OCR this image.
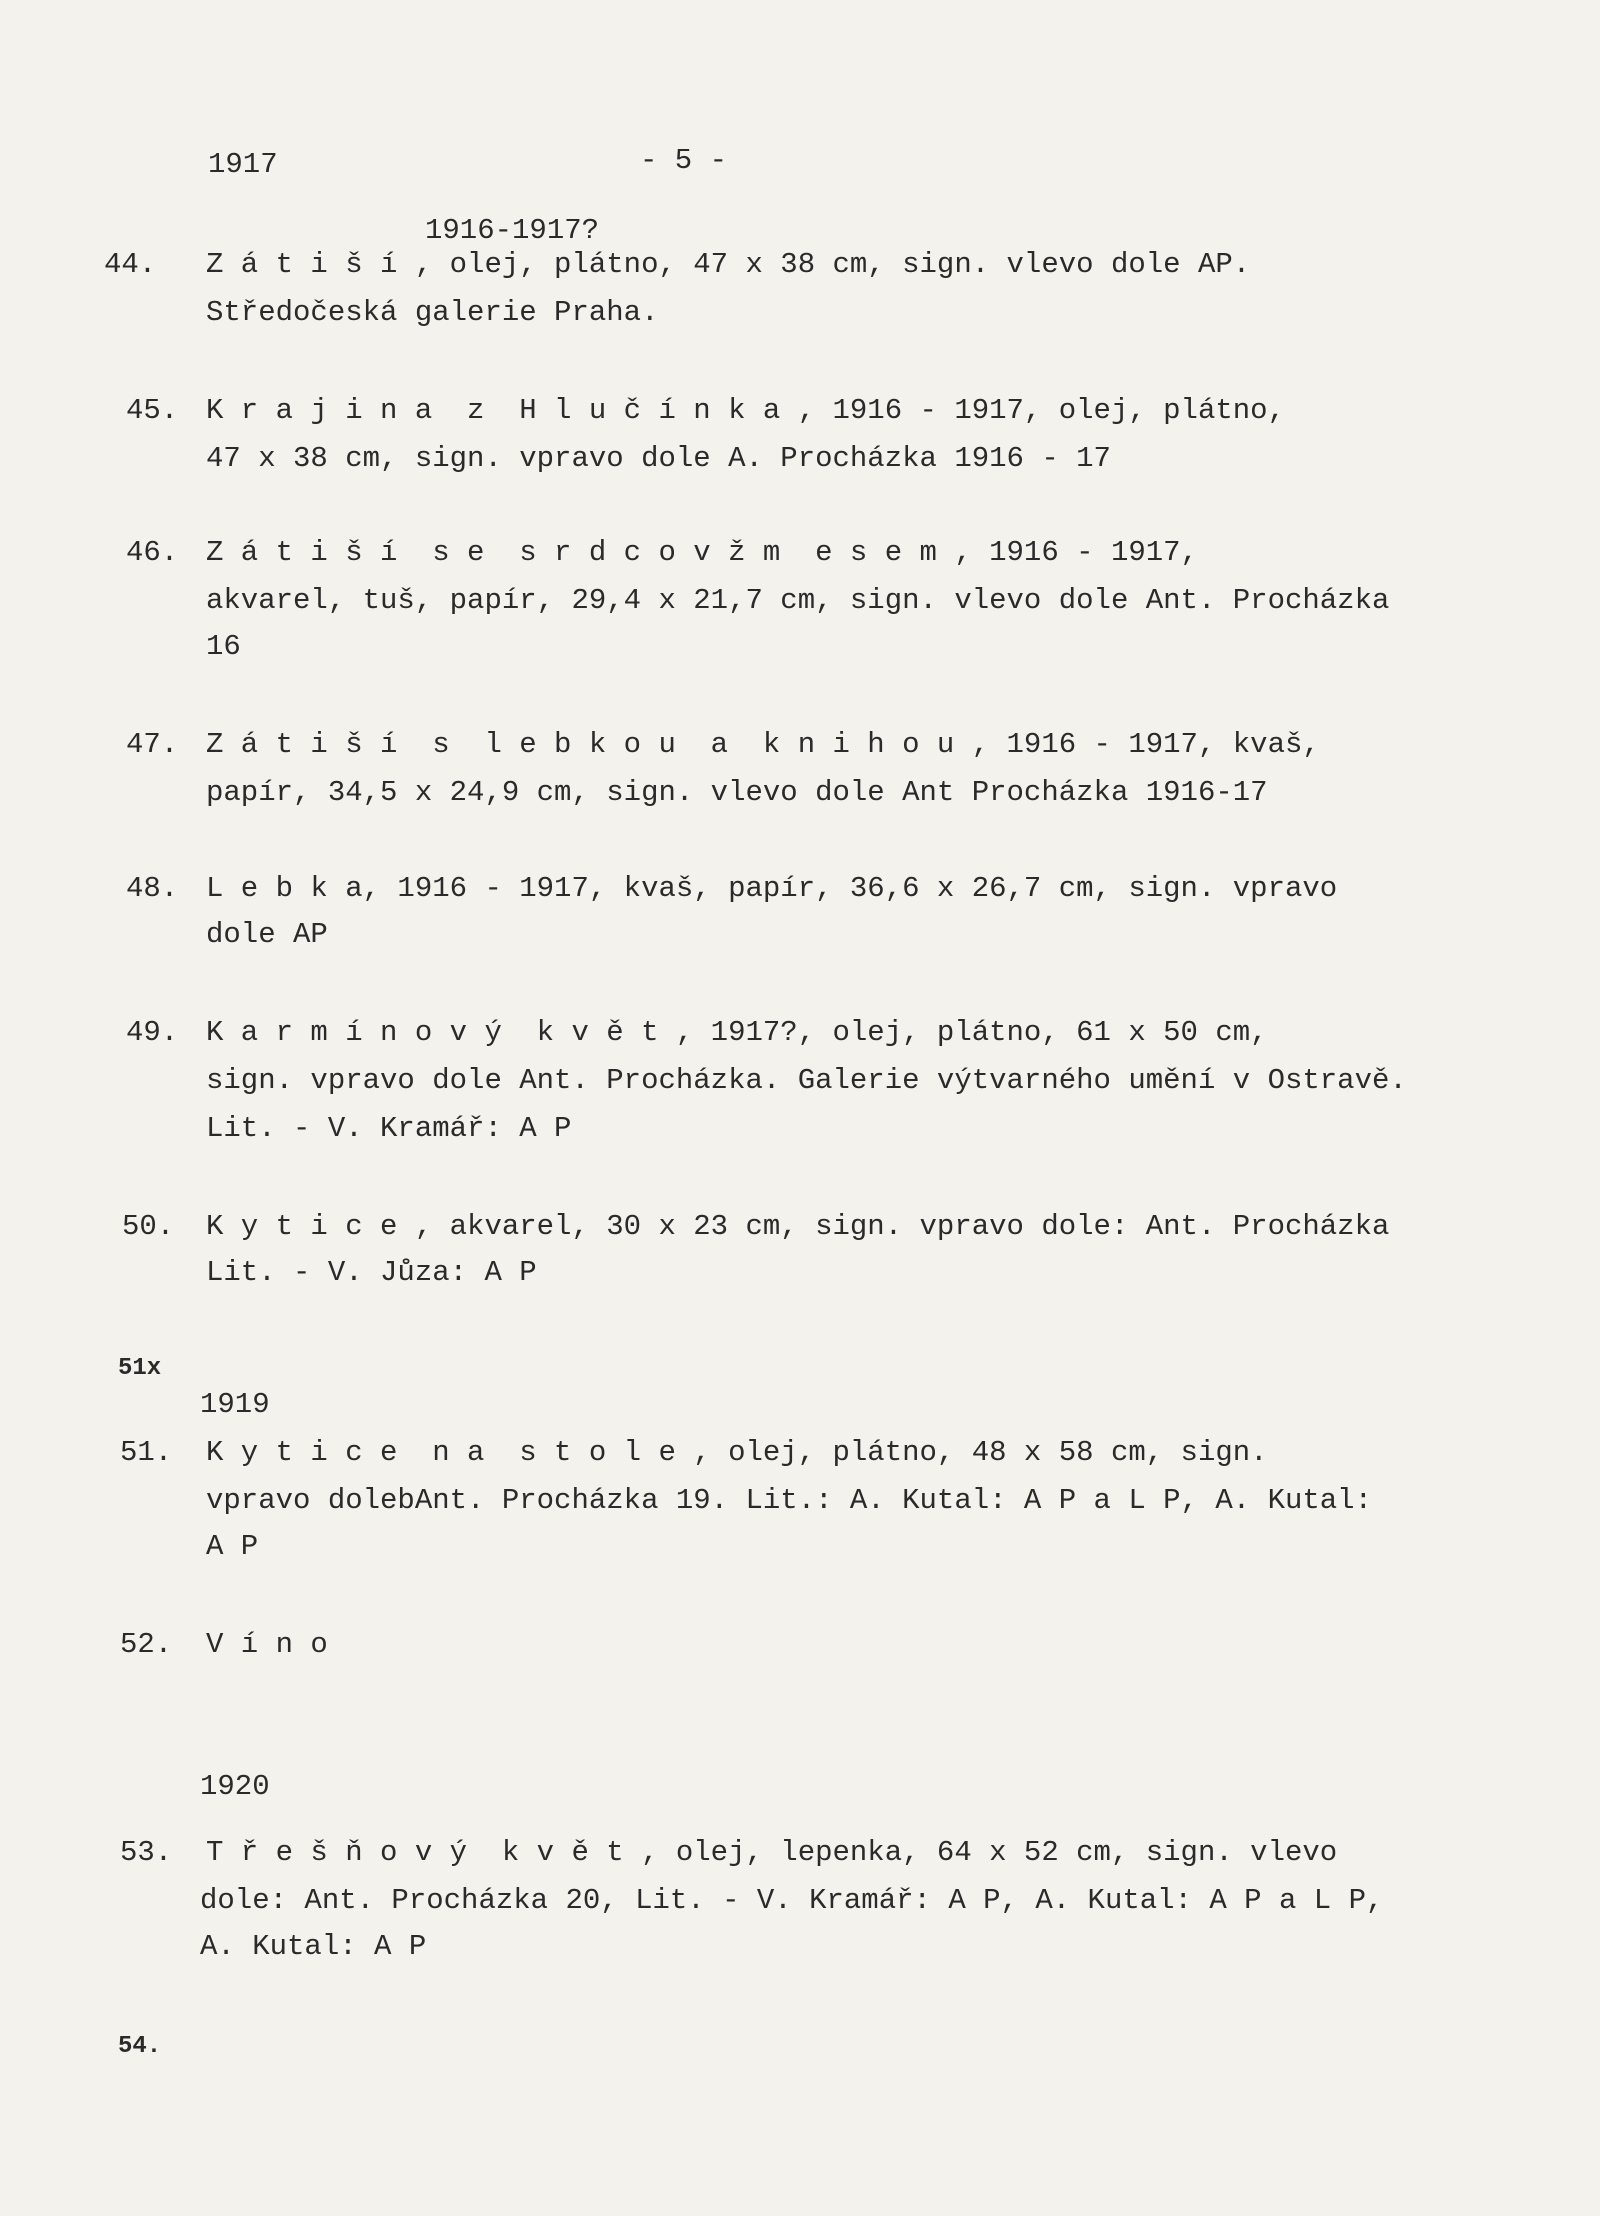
1917	- 5 -
1916-1917?
44. Z á t i š í , olej, plátno, 47 x 38 cm, sign. vlevo dole AP.
Středočeská galerie Praha.
45. K r a j i n a  z  H l u č í n k a , 1916 - 1917, olej, plátno,
47 x 38 cm, sign. vpravo dole A. Procházka 1916 - 17
46. Z á t i š í  s e  s r d c o v ž m  e s e m , 1916 - 1917,
akvarel, tuš, papír, 29,4 x 21,7 cm, sign. vlevo dole Ant. Procházka
16
47. Z á t i š í  s  l e b k o u  a  k n i h o u , 1916 - 1917, kvaš,
papír, 34,5 x 24,9 cm, sign. vlevo dole Ant Procházka 1916-17
48. L e b k a, 1916 - 1917, kvaš, papír, 36,6 x 26,7 cm, sign. vpravo
dole AP
49. K a r m í n o v ý  k v ě t , 1917?, olej, plátno, 61 x 50 cm,
sign. vpravo dole Ant. Procházka. Galerie výtvarného umění v Ostravě.
Lit. - V. Kramář: A P
50. K y t i c e , akvarel, 30 x 23 cm, sign. vpravo dole: Ant. Procházka
Lit. - V. Jůza: A P
51x
1919
51. K y t i c e  n a  s t o l e , olej, plátno, 48 x 58 cm, sign.
vpravo dolebAnt. Procházka 19. Lit.: A. Kutal: A P a L P, A. Kutal:
A P
52. V í n o
1920
53. T ř e š ň o v ý  k v ě t , olej, lepenka, 64 x 52 cm, sign. vlevo
dole: Ant. Procházka 20, Lit. - V. Kramář: A P, A. Kutal: A P a L P,
A. Kutal: A P
54.
